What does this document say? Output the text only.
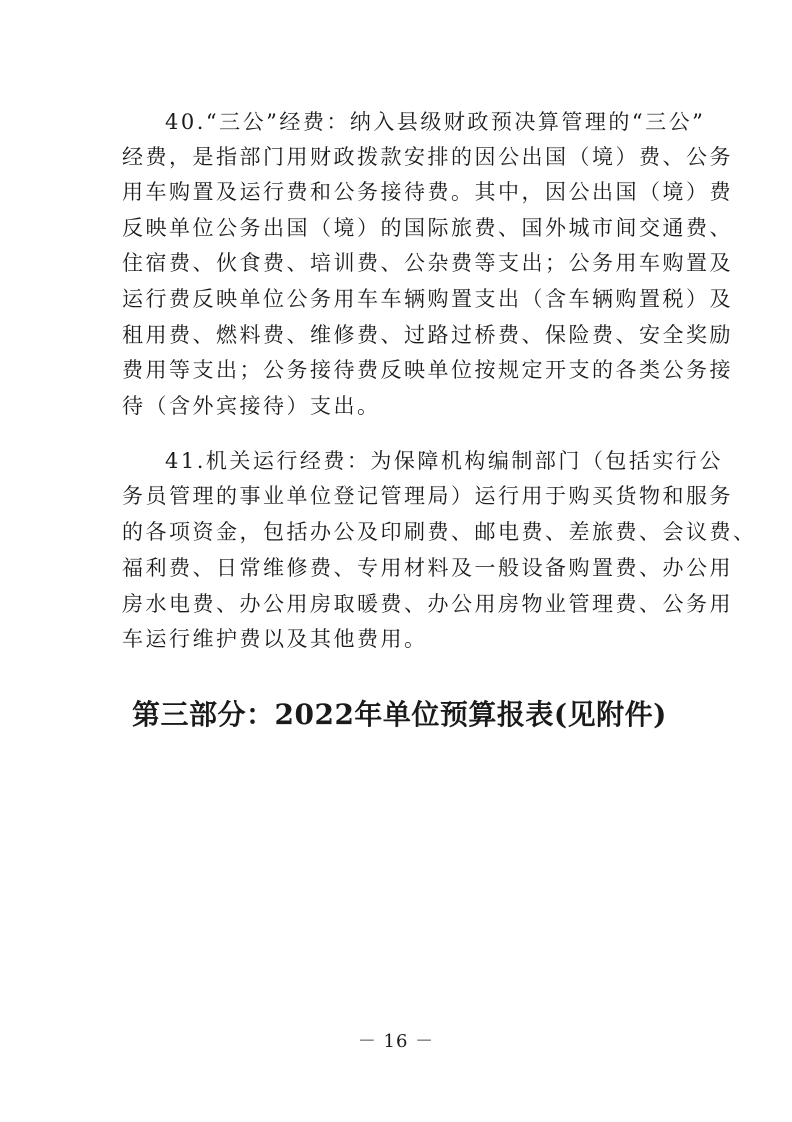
40.“三公”经费：纳入县级财政预决算管理的“三公”
经费，是指部门用财政拨款安排的因公出国（境）费、公务
用车购置及运行费和公务接待费。其中，因公出国（境）费
反映单位公务出国（境）的国际旅费、国外城市间交通费、
住宿费、伙食费、培训费、公杂费等支出；公务用车购置及
运行费反映单位公务用车车辆购置支出（含车辆购置税）及
租用费、燃料费、维修费、过路过桥费、保险费、安全奖励
费用等支出；公务接待费反映单位按规定开支的各类公务接
待（含外宾接待）支出。
41.机关运行经费：为保障机构编制部门（包括实行公
务员管理的事业单位登记管理局）运行用于购买货物和服务
的各项资金，包括办公及印刷费、邮电费、差旅费、会议费、
福利费、日常维修费、专用材料及一般设备购置费、办公用
房水电费、办公用房取暖费、办公用房物业管理费、公务用
车运行维护费以及其他费用。
第三部分：2022年单位预算报表(见附件)
－ 16 －
